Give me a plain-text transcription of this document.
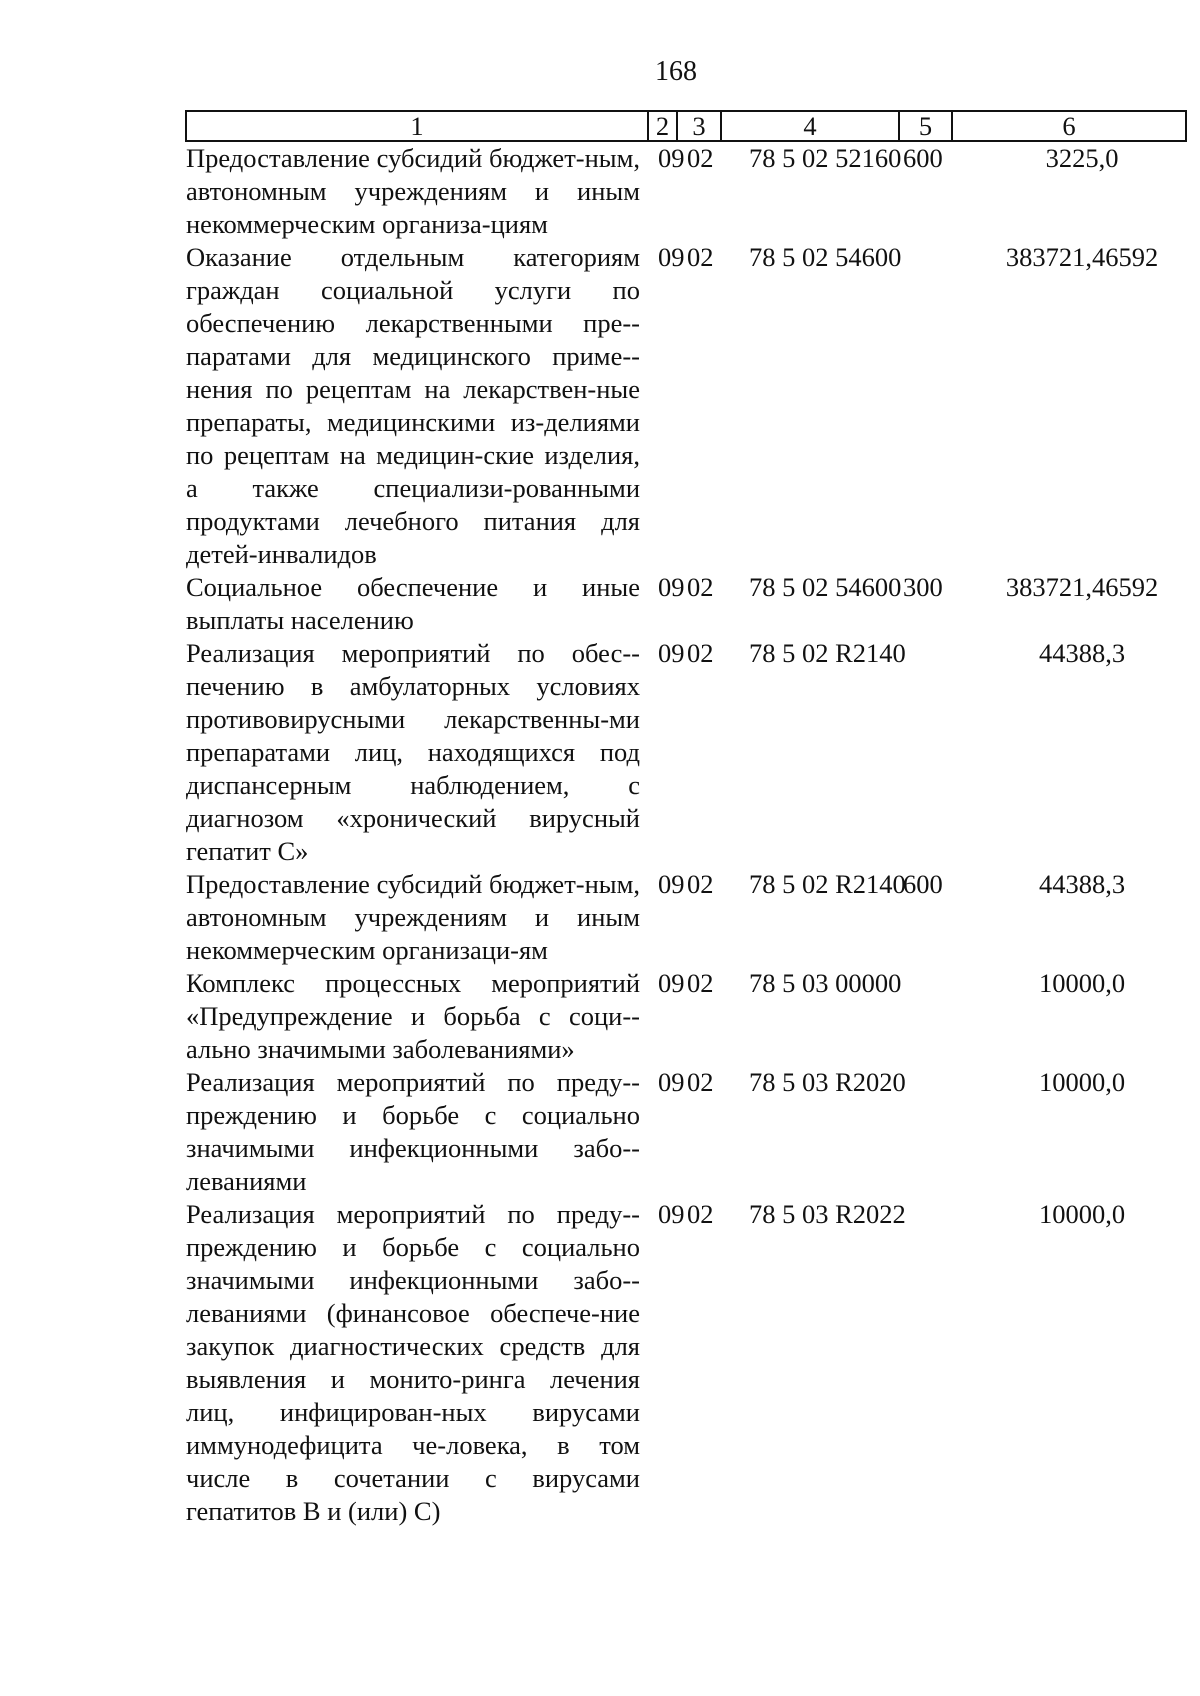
168
1	2	3	4	5	6
Предоставление субсидий бюджет-ным, автономным учреждениям и иным некоммерческим организа-циям	09	02	78 5 02 52160	600	3225,0
Оказание отдельным категориям граждан социальной услуги по обеспечению лекарственными пре-паратами для медицинского приме-нения по рецептам на лекарствен-ные препараты, медицинскими из-делиями по рецептам на медицин-ские изделия, а также специализи-рованными продуктами лечебного питания для детей-инвалидов	09	02	78 5 02 54600		383721,46592
Социальное обеспечение и иные выплаты населению	09	02	78 5 02 54600	300	383721,46592
Реализация мероприятий по обес-печению в амбулаторных условиях противовирусными лекарственны-ми препаратами лиц, находящихся под диспансерным наблюдением, с диагнозом «хронический вирусный гепатит С»	09	02	78 5 02 R2140		44388,3
Предоставление субсидий бюджет-ным, автономным учреждениям и иным некоммерческим организаци-ям	09	02	78 5 02 R2140	600	44388,3
Комплекс процессных мероприятий «Предупреждение и борьба с соци-ально значимыми заболеваниями»	09	02	78 5 03 00000		10000,0
Реализация мероприятий по преду-преждению и борьбе с социально значимыми инфекционными забо-леваниями	09	02	78 5 03 R2020		10000,0
Реализация мероприятий по преду-преждению и борьбе с социально значимыми инфекционными забо-леваниями (финансовое обеспече-ние закупок диагностических средств для выявления и монито-ринга лечения лиц, инфицирован-ных вирусами иммунодефицита че-ловека, в том числе в сочетании с вирусами гепатитов В и (или) С)	09	02	78 5 03 R2022		10000,0
